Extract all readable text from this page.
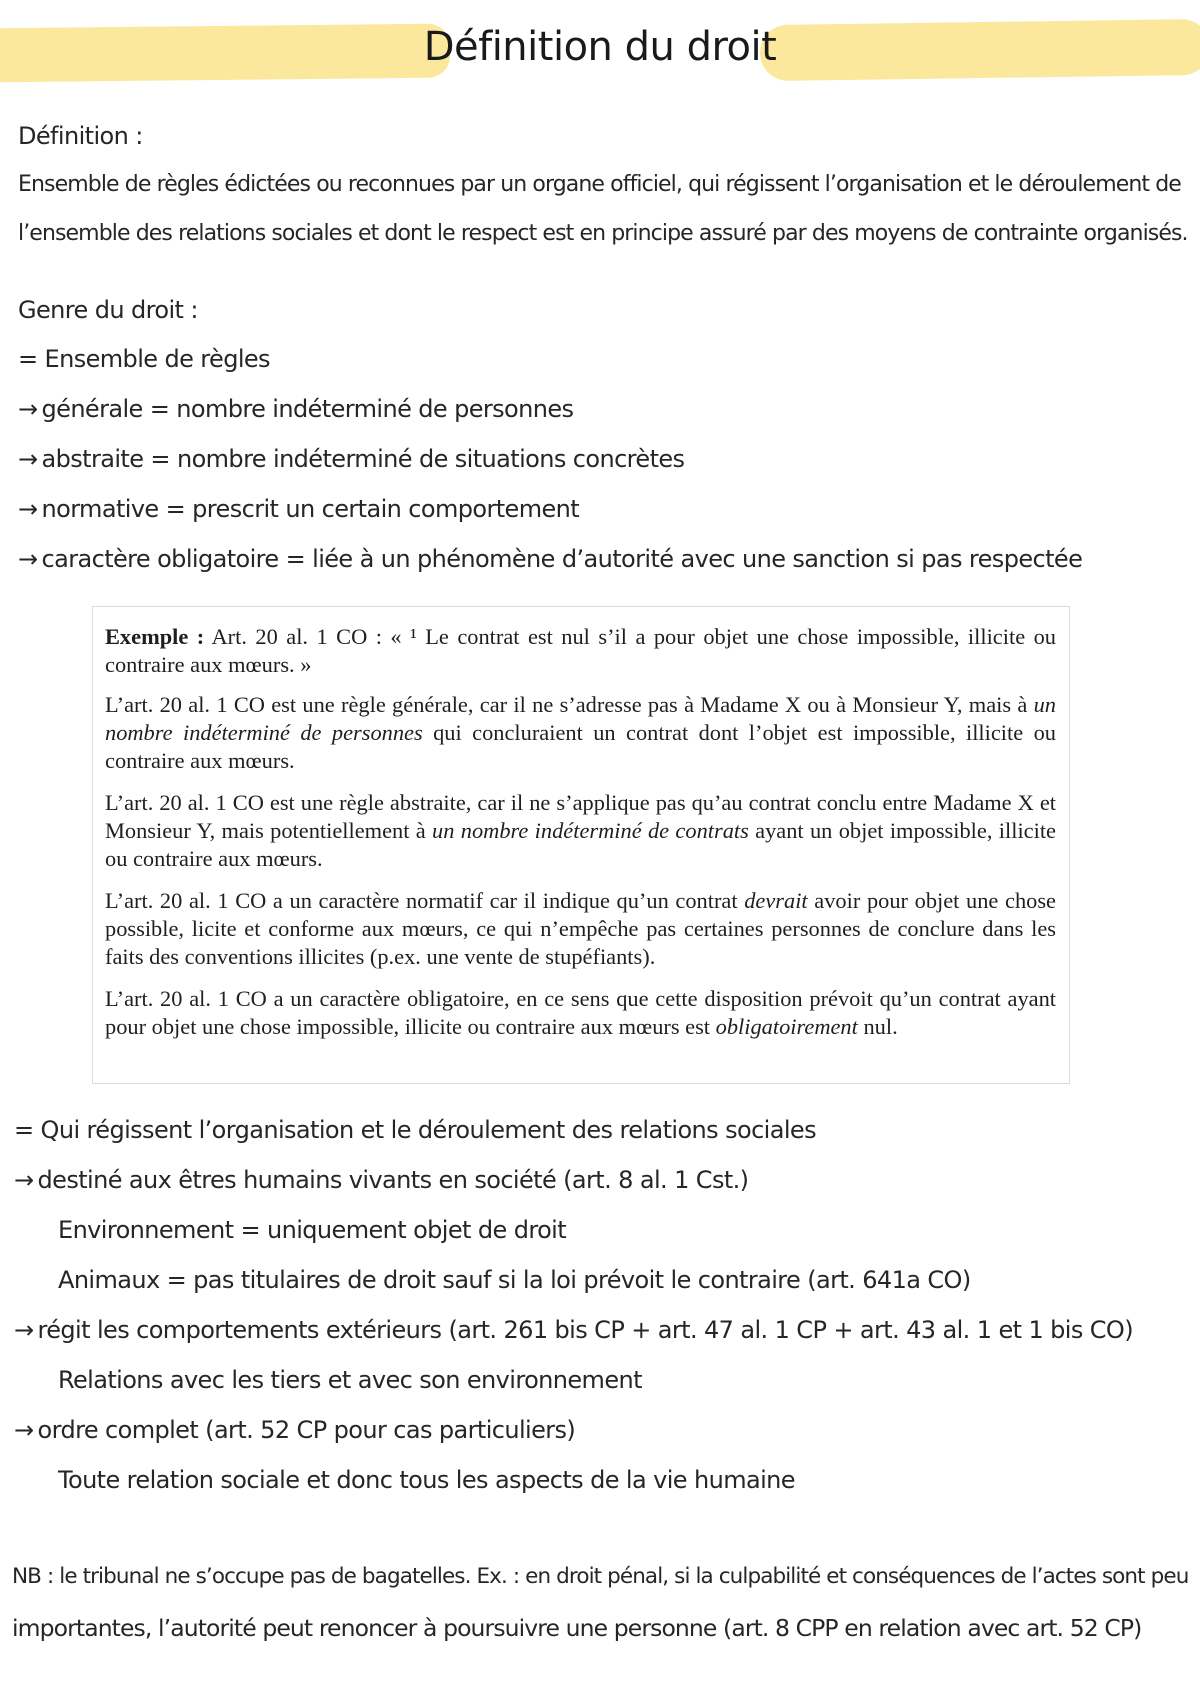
Définition du droit
Définition :
Ensemble de règles édictées ou reconnues par un organe officiel, qui régissent l’organisation et le déroulement de
l’ensemble des relations sociales et dont le respect est en principe assuré par des moyens de contrainte organisés.
Genre du droit :
= Ensemble de règles
→ générale = nombre indéterminé de personnes
→ abstraite = nombre indéterminé de situations concrètes
→ normative = prescrit un certain comportement
→ caractère obligatoire = liée à un phénomène d’autorité avec une sanction si pas respectée

Exemple : Art. 20 al. 1 CO : « ¹ Le contrat est nul s’il a pour objet une chose impossible, illicite ou contraire aux mœurs. »

L’art. 20 al. 1 CO est une règle générale, car il ne s’adresse pas à Madame X ou à Monsieur Y, mais à un nombre indéterminé de personnes qui concluraient un contrat dont l’objet est impossible, illicite ou contraire aux mœurs.

L’art. 20 al. 1 CO est une règle abstraite, car il ne s’applique pas qu’au contrat conclu entre Madame X et Monsieur Y, mais potentiellement à un nombre indéterminé de contrats ayant un objet impossible, illicite ou contraire aux mœurs.

L’art. 20 al. 1 CO a un caractère normatif car il indique qu’un contrat devrait avoir pour objet une chose possible, licite et conforme aux mœurs, ce qui n’empêche pas certaines personnes de conclure dans les faits des conventions illicites (p.ex. une vente de stupéfiants).

L’art. 20 al. 1 CO a un caractère obligatoire, en ce sens que cette disposition prévoit qu’un contrat ayant pour objet une chose impossible, illicite ou contraire aux mœurs est obligatoirement nul.

= Qui régissent l’organisation et le déroulement des relations sociales
→ destiné aux êtres humains vivants en société (art. 8 al. 1 Cst.)
Environnement = uniquement objet de droit
Animaux = pas titulaires de droit sauf si la loi prévoit le contraire (art. 641a CO)
→ régit les comportements extérieurs (art. 261 bis CP + art. 47 al. 1 CP + art. 43 al. 1 et 1 bis CO)
Relations avec les tiers et avec son environnement
→ ordre complet (art. 52 CP pour cas particuliers)
Toute relation sociale et donc tous les aspects de la vie humaine
NB : le tribunal ne s’occupe pas de bagatelles. Ex. : en droit pénal, si la culpabilité et conséquences de l’actes sont peu
importantes, l’autorité peut renoncer à poursuivre une personne (art. 8 CPP en relation avec art. 52 CP)
